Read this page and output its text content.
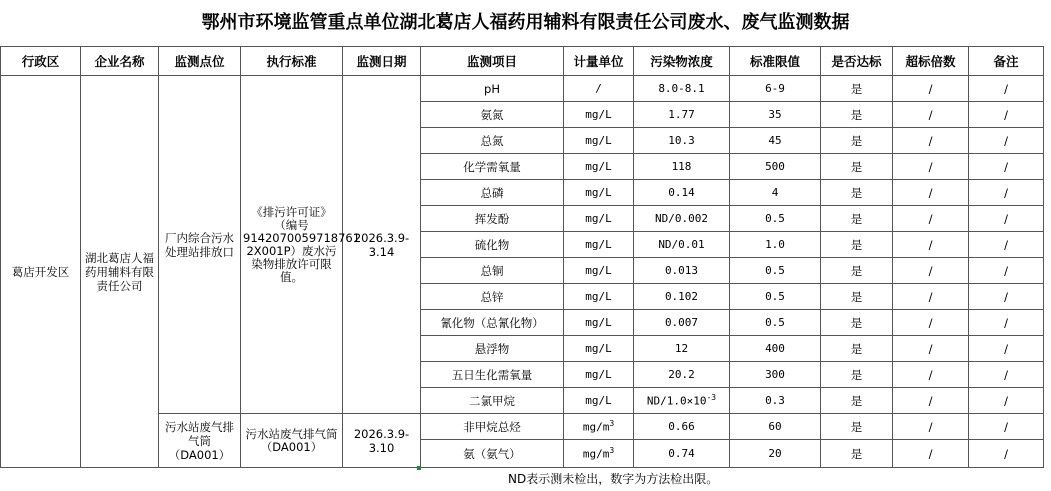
鄂州市环境监管重点单位湖北葛店人福药用辅料有限责任公司废水、废气监测数据
行政区	企业名称	监测点位	执行标准	监测日期	监测项目	计量单位	污染物浓度	标准限值	是否达标	超标倍数	备注
葛店开发区	湖北葛店人福药用辅料有限责任公司	厂内综合污水处理站排放口	《排污许可证》（编号9142070059718761 2X001P）废水污染物排放许可限值。	2026.3.9-3.14	pH	/	8.0-8.1	6-9	是	/	/
					氨氮	mg/L	1.77	35	是	/	/
					总氮	mg/L	10.3	45	是	/	/
					化学需氧量	mg/L	118	500	是	/	/
					总磷	mg/L	0.14	4	是	/	/
					挥发酚	mg/L	ND/0.002	0.5	是	/	/
					硫化物	mg/L	ND/0.01	1.0	是	/	/
					总铜	mg/L	0.013	0.5	是	/	/
					总锌	mg/L	0.102	0.5	是	/	/
					氰化物（总氰化物）	mg/L	0.007	0.5	是	/	/
					悬浮物	mg/L	12	400	是	/	/
					五日生化需氧量	mg/L	20.2	300	是	/	/
					二氯甲烷	mg/L	$ND/1.0\times 10^{-3}$	0.3	是	/	/
		污水站废气排气筒（DA001）	污水站废气排气筒（DA001）	2026.3.9-3.10	非甲烷总烃	$mg/m^3$	0.66	60	是	/	/
					氨（氨气）	$mg/m^3$	0.74	20	是	/	/
ND表示测未检出，数字为方法检出限。
